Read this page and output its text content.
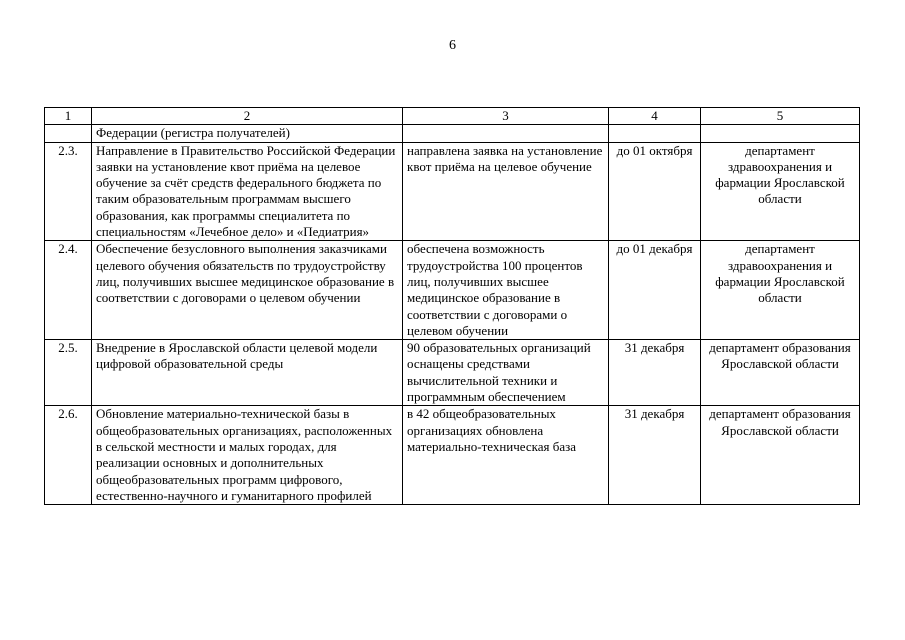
6
1	2	3	4	5
	Федерации (регистра получателей)			
2.3.	Направление в Правительство Российской Федерации заявки на установление квот приёма на целевое обучение за счёт средств федерального бюджета по таким образовательным программам высшего образования, как программы специалитета по специальностям «Лечебное дело» и «Педиатрия»	направлена заявка на установление квот приёма на целевое обучение	до 01 октября	департамент здравоохранения и фармации Ярославской области
2.4.	Обеспечение безусловного выполнения заказчиками целевого обучения обязательств по трудоустройству лиц, получивших высшее медицинское образование в соответствии с договорами о целевом обучении	обеспечена возможность трудоустройства 100 процентов лиц, получивших высшее медицинское образование в соответствии с договорами о целевом обучении	до 01 декабря	департамент здравоохранения и фармации Ярославской области
2.5.	Внедрение в Ярославской области целевой модели цифровой образовательной среды	90 образовательных организаций оснащены средствами вычислительной техники и программным обеспечением	31 декабря	департамент образования Ярославской области
2.6.	Обновление материально-технической базы в общеобразовательных организациях, расположенных в сельской местности и малых городах, для реализации основных и дополнительных общеобразовательных программ цифрового, естественно-научного и гуманитарного профилей	в 42 общеобразовательных организациях обновлена материально-техническая база	31 декабря	департамент образования Ярославской области
